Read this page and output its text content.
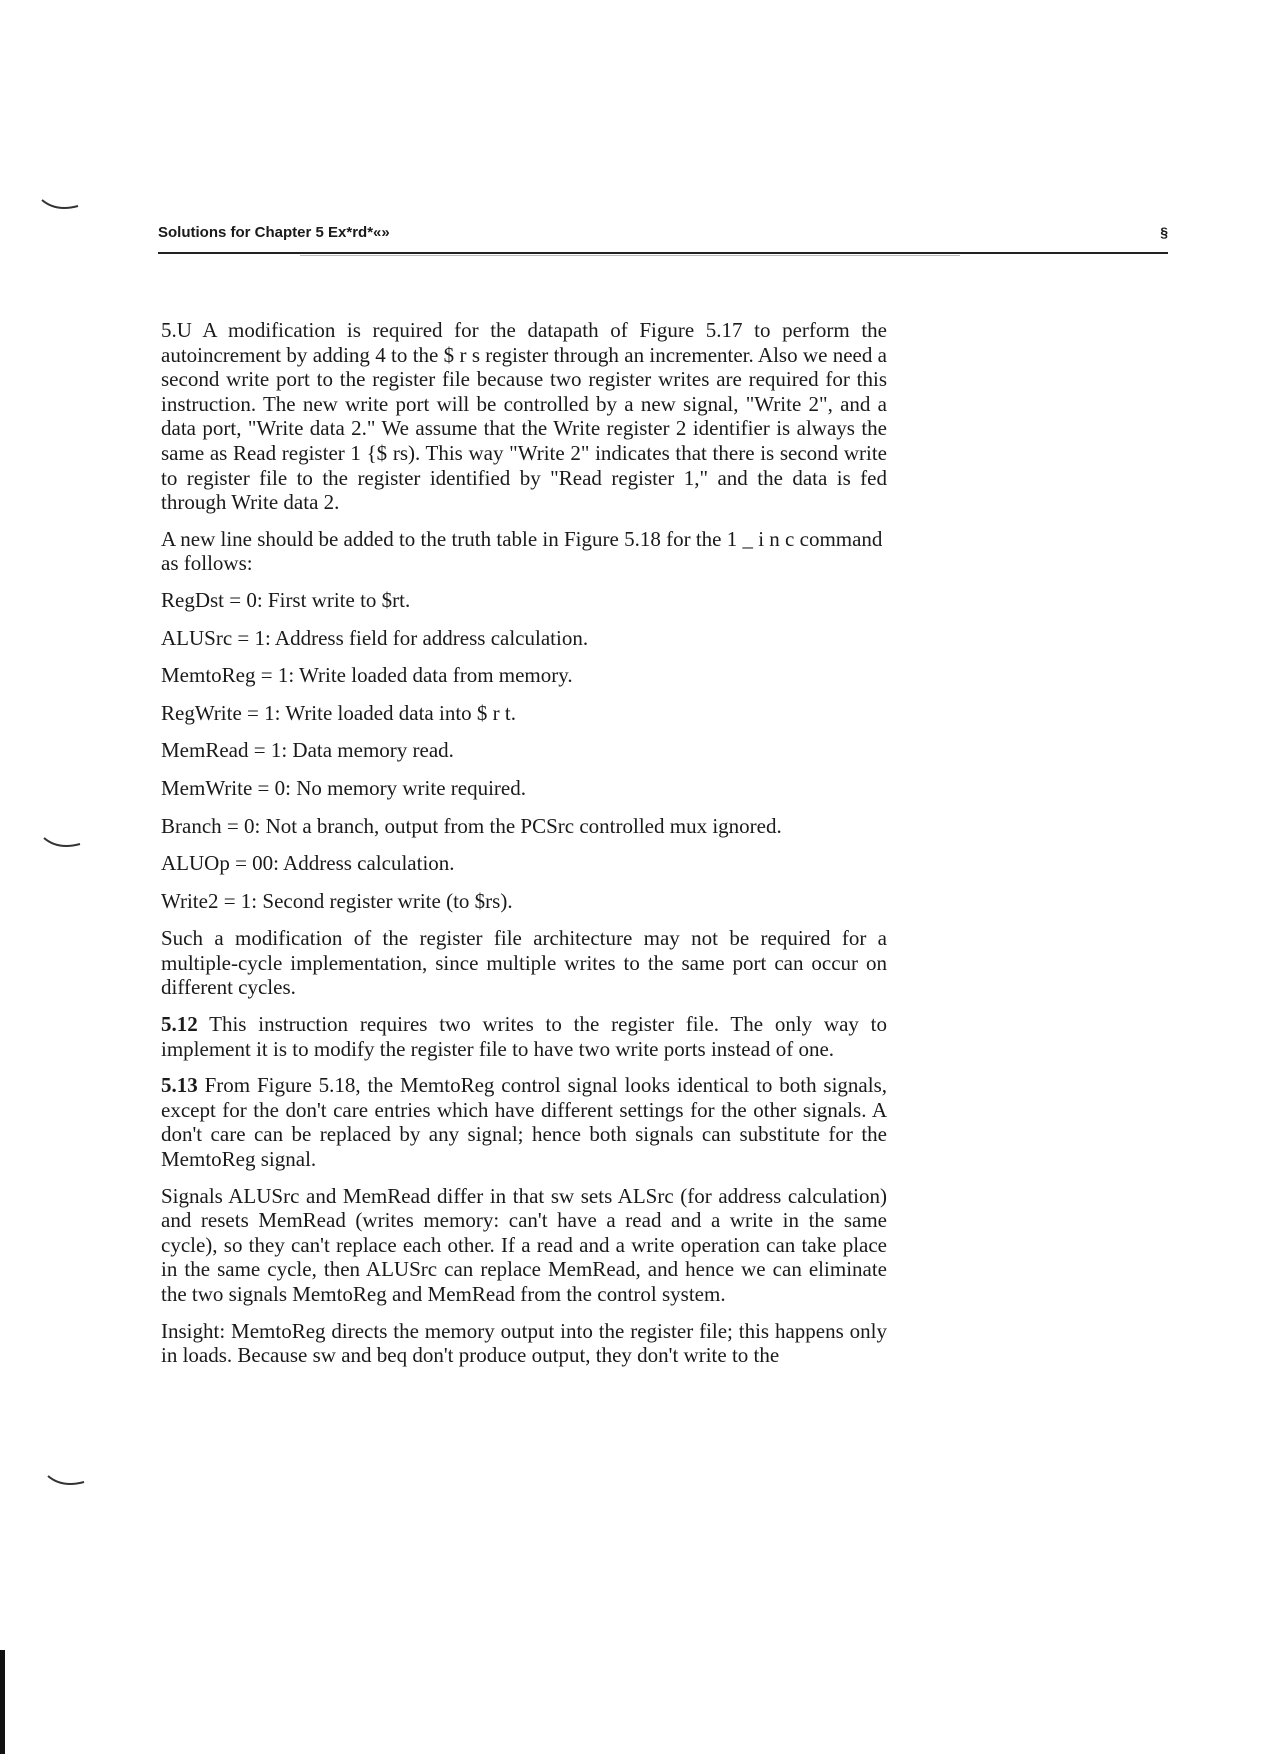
Solutions for Chapter 5 Ex*rd*«»	§

5.U A modification is required for the datapath of Figure 5.17 to perform the autoincrement by adding 4 to the $ r s register through an incrementer. Also we need a second write port to the register file because two register writes are required for this instruction. The new write port will be controlled by a new signal, "Write 2", and a data port, "Write data 2." We assume that the Write register 2 identifier is always the same as Read register 1 {$ rs). This way "Write 2" indicates that there is second write to register file to the register identified by "Read register 1," and the data is fed through Write data 2.

A new line should be added to the truth table in Figure 5.18 for the 1 _ i n c command as follows:

RegDst = 0: First write to $rt.

ALUSrc = 1: Address field for address calculation.

MemtoReg = 1: Write loaded data from memory.

RegWrite = 1: Write loaded data into $ r t.

MemRead = 1: Data memory read.

MemWrite = 0: No memory write required.

Branch = 0: Not a branch, output from the PCSrc controlled mux ignored.

ALUOp = 00: Address calculation.

Write2 = 1: Second register write (to $rs).

Such a modification of the register file architecture may not be required for a multiple-cycle implementation, since multiple writes to the same port can occur on different cycles.

5.12 This instruction requires two writes to the register file. The only way to implement it is to modify the register file to have two write ports instead of one.

5.13 From Figure 5.18, the MemtoReg control signal looks identical to both signals, except for the don't care entries which have different settings for the other signals. A don't care can be replaced by any signal; hence both signals can substitute for the MemtoReg signal.

Signals ALUSrc and MemRead differ in that sw sets ALSrc (for address calculation) and resets MemRead (writes memory: can't have a read and a write in the same cycle), so they can't replace each other. If a read and a write operation can take place in the same cycle, then ALUSrc can replace MemRead, and hence we can eliminate the two signals MemtoReg and MemRead from the control system.

Insight: MemtoReg directs the memory output into the register file; this happens only in loads. Because sw and beq don't produce output, they don't write to the
